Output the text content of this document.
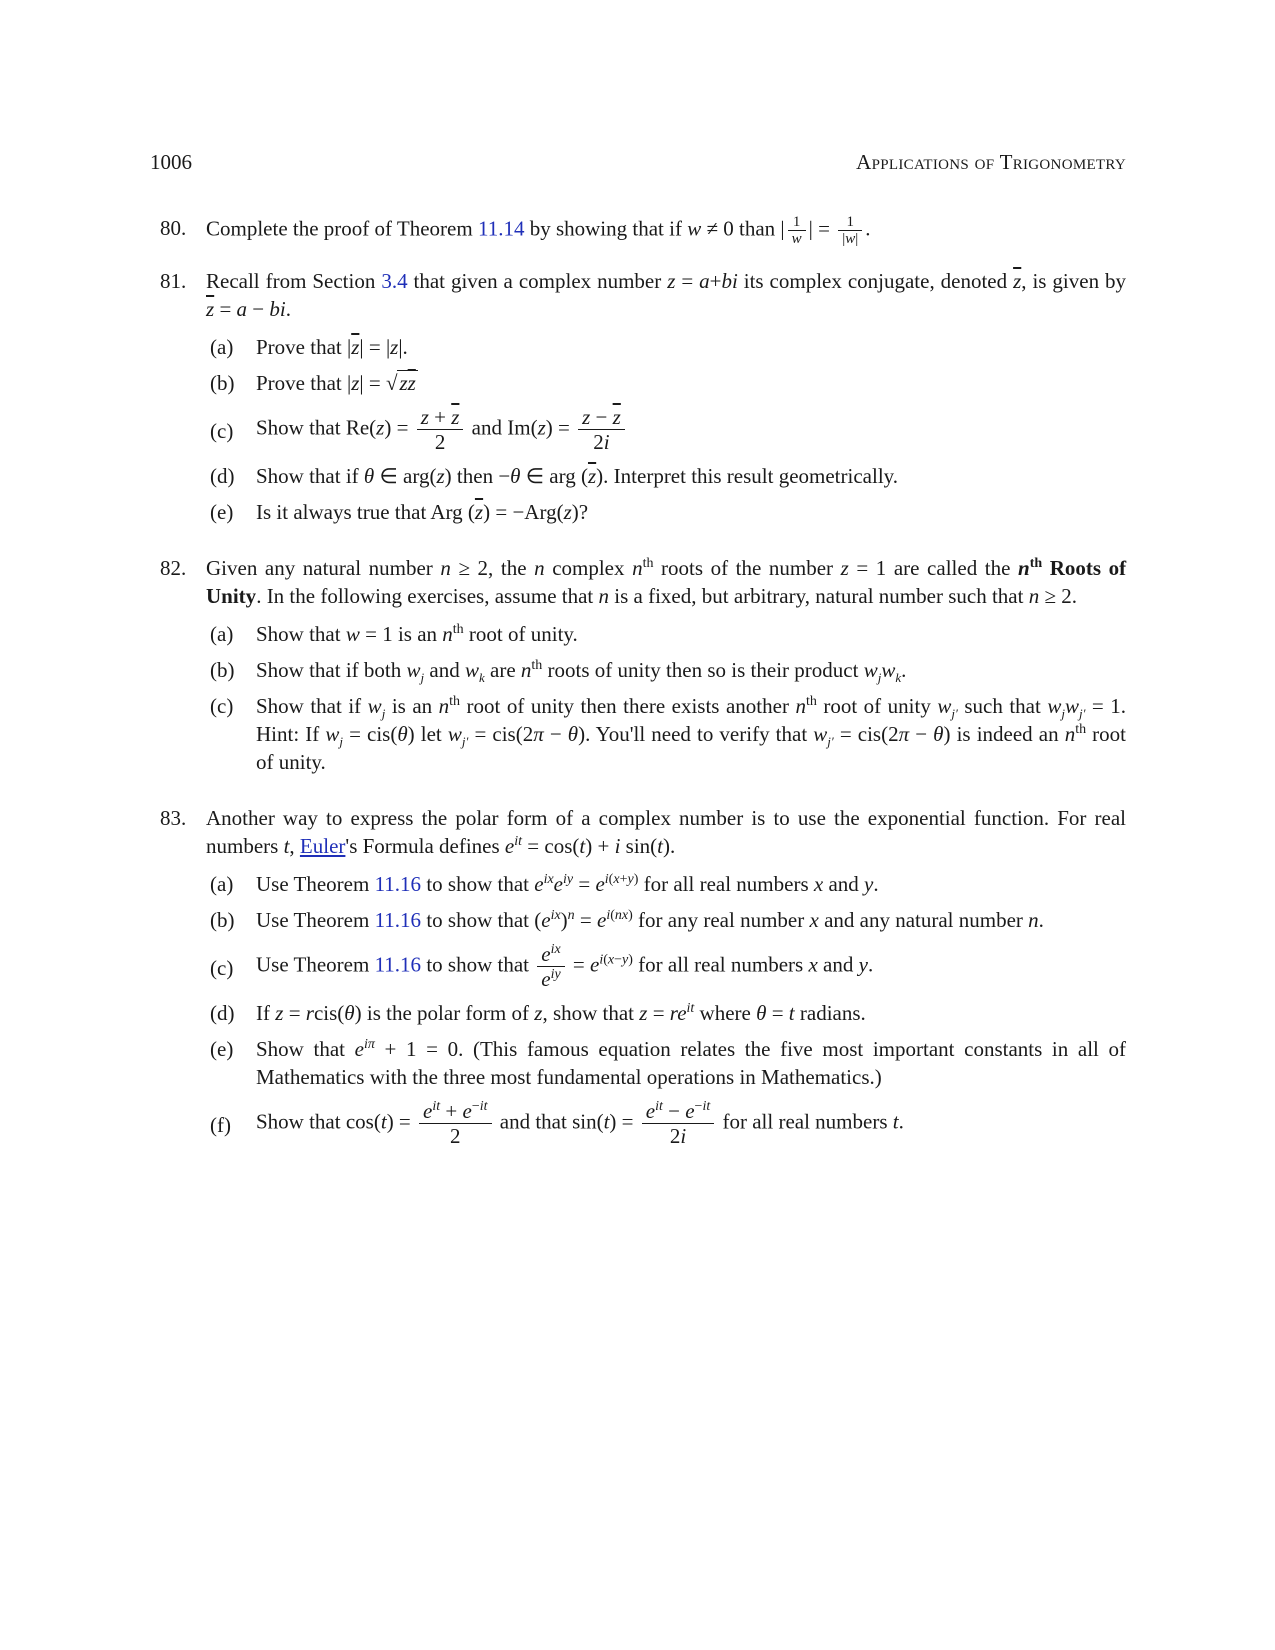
1006	Applications of Trigonometry
80. Complete the proof of Theorem 11.14 by showing that if w ≠ 0 than | $\frac{1}{w}$ | = $\frac{1}{|w|}$ .

81. Recall from Section 3.4 that given a complex number z = a+bi its complex conjugate, denoted $\overline{z}$, is given by $\overline{z} = a$ − bi.

(a) Prove that $|\overline{z}| = |z|$.
(b) Prove that $|z| = √z\overline{z}$
(c) Show that $Re(z) = \frac{z + \overline{z}}{2}$ and $Im(z) = \frac{z - \overline{z}}{2i}$
(d) Show that if θ ∈ arg(z) then −θ ∈ arg $(\overline{z})$. Interpret this result geometrically.
(e) Is it always true that Arg $(\overline{z}) = -Arg(z)$?
82. Given any natural number n ≥ 2, the n complex $n^{th}$ roots of the number z = 1 are called the $n^{th}$ Roots of Unity. In the following exercises, assume that n is a fixed, but arbitrary, natural number such that n ≥ 2.

(a) Show that w = 1 is an $n^{th}$ root of unity.
(b) Show that if both $w_j$ and $w_k$ are $n^{th}$ roots of unity then so is their product $w_jw_k$.
(c) Show that if $w_j$ is an $n^{th}$ root of unity then there exists another $n^{th}$ root of unity $w_{j'}$ such that $w_jw_{j'} = 1$. Hint: If $w_j = cis(\theta)$ let $w_{j'} = cis(2\pi - \theta)$. You'll need to verify that $w_{j'} = cis(2\pi - \theta)$ is indeed an $n^{th}$ root of unity.
83. Another way to express the polar form of a complex number is to use the exponential function. For real numbers t, Euler's Formula defines $e^{it} = \cos(t) + i$ sin(t).

(a) Use Theorem 11.16 to show that $e^{ix}e^{iy} = e^{i(x+y)}$ for all real numbers x and y.
(b) Use Theorem 11.16 to show that $(e^{ix})^n = e^{i(nx)}$ for any real number x and any natural number n.
(c) Use Theorem 11.16 to show that $\frac{e^{ix}}{e^{iy}} = e^{i(x-y)}$ for all real numbers x and y.
(d) If z = rcis(θ) is the polar form of z, show that $z = re^{it}$ where θ = t radians.
(e) Show that $e^{i\pi} + 1 = 0$. (This famous equation relates the five most important constants in all of Mathematics with the three most fundamental operations in Mathematics.)
(f) Show that $\cos(t) = \frac{e^{it} + e^{-it}}{2}$ and that $\sin(t) = \frac{e^{it} - e^{-it}}{2i}$ for all real numbers t.
